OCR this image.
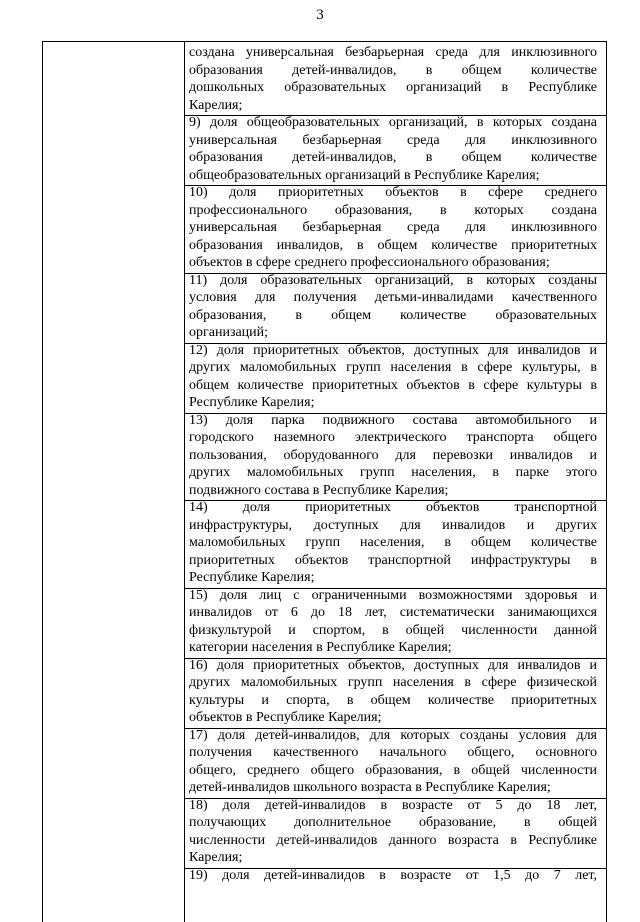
3

создана универсальная безбарьерная среда для инклюзивного
образования детей-инвалидов, в общем количестве
дошкольных образовательных организаций в Республике
Карелия;

9) доля общеобразовательных организаций, в которых создана
универсальная безбарьерная среда для инклюзивного
образования детей-инвалидов, в общем количестве
общеобразовательных организаций в Республике Карелия;

10) доля приоритетных объектов в сфере среднего
профессионального образования, в которых создана
универсальная безбарьерная среда для инклюзивного
образования инвалидов, в общем количестве приоритетных
объектов в сфере среднего профессионального образования;

11) доля образовательных организаций, в которых созданы
условия для получения детьми-инвалидами качественного
образования, в общем количестве образовательных
организаций;

12) доля приоритетных объектов, доступных для инвалидов и
других маломобильных групп населения в сфере культуры, в
общем количестве приоритетных объектов в сфере культуры в
Республике Карелия;

13) доля парка подвижного состава автомобильного и
городского наземного электрического транспорта общего
пользования, оборудованного для перевозки инвалидов и
других маломобильных групп населения, в парке этого
подвижного состава в Республике Карелия;

14) доля приоритетных объектов транспортной
инфраструктуры, доступных для инвалидов и других
маломобильных групп населения, в общем количестве
приоритетных объектов транспортной инфраструктуры в
Республике Карелия;

15) доля лиц с ограниченными возможностями здоровья и
инвалидов от 6 до 18 лет, систематически занимающихся
физкультурой и спортом, в общей численности данной
категории населения в Республике Карелия;

16) доля приоритетных объектов, доступных для инвалидов и
других маломобильных групп населения в сфере физической
культуры и спорта, в общем количестве приоритетных
объектов в Республике Карелия;

17) доля детей-инвалидов, для которых созданы условия для
получения качественного начального общего, основного
общего, среднего общего образования, в общей численности
детей-инвалидов школьного возраста в Республике Карелия;

18) доля детей-инвалидов в возрасте от 5 до 18 лет,
получающих дополнительное образование, в общей
численности детей-инвалидов данного возраста в Республике
Карелия;

19) доля детей-инвалидов в возрасте от 1,5 до 7 лет,
